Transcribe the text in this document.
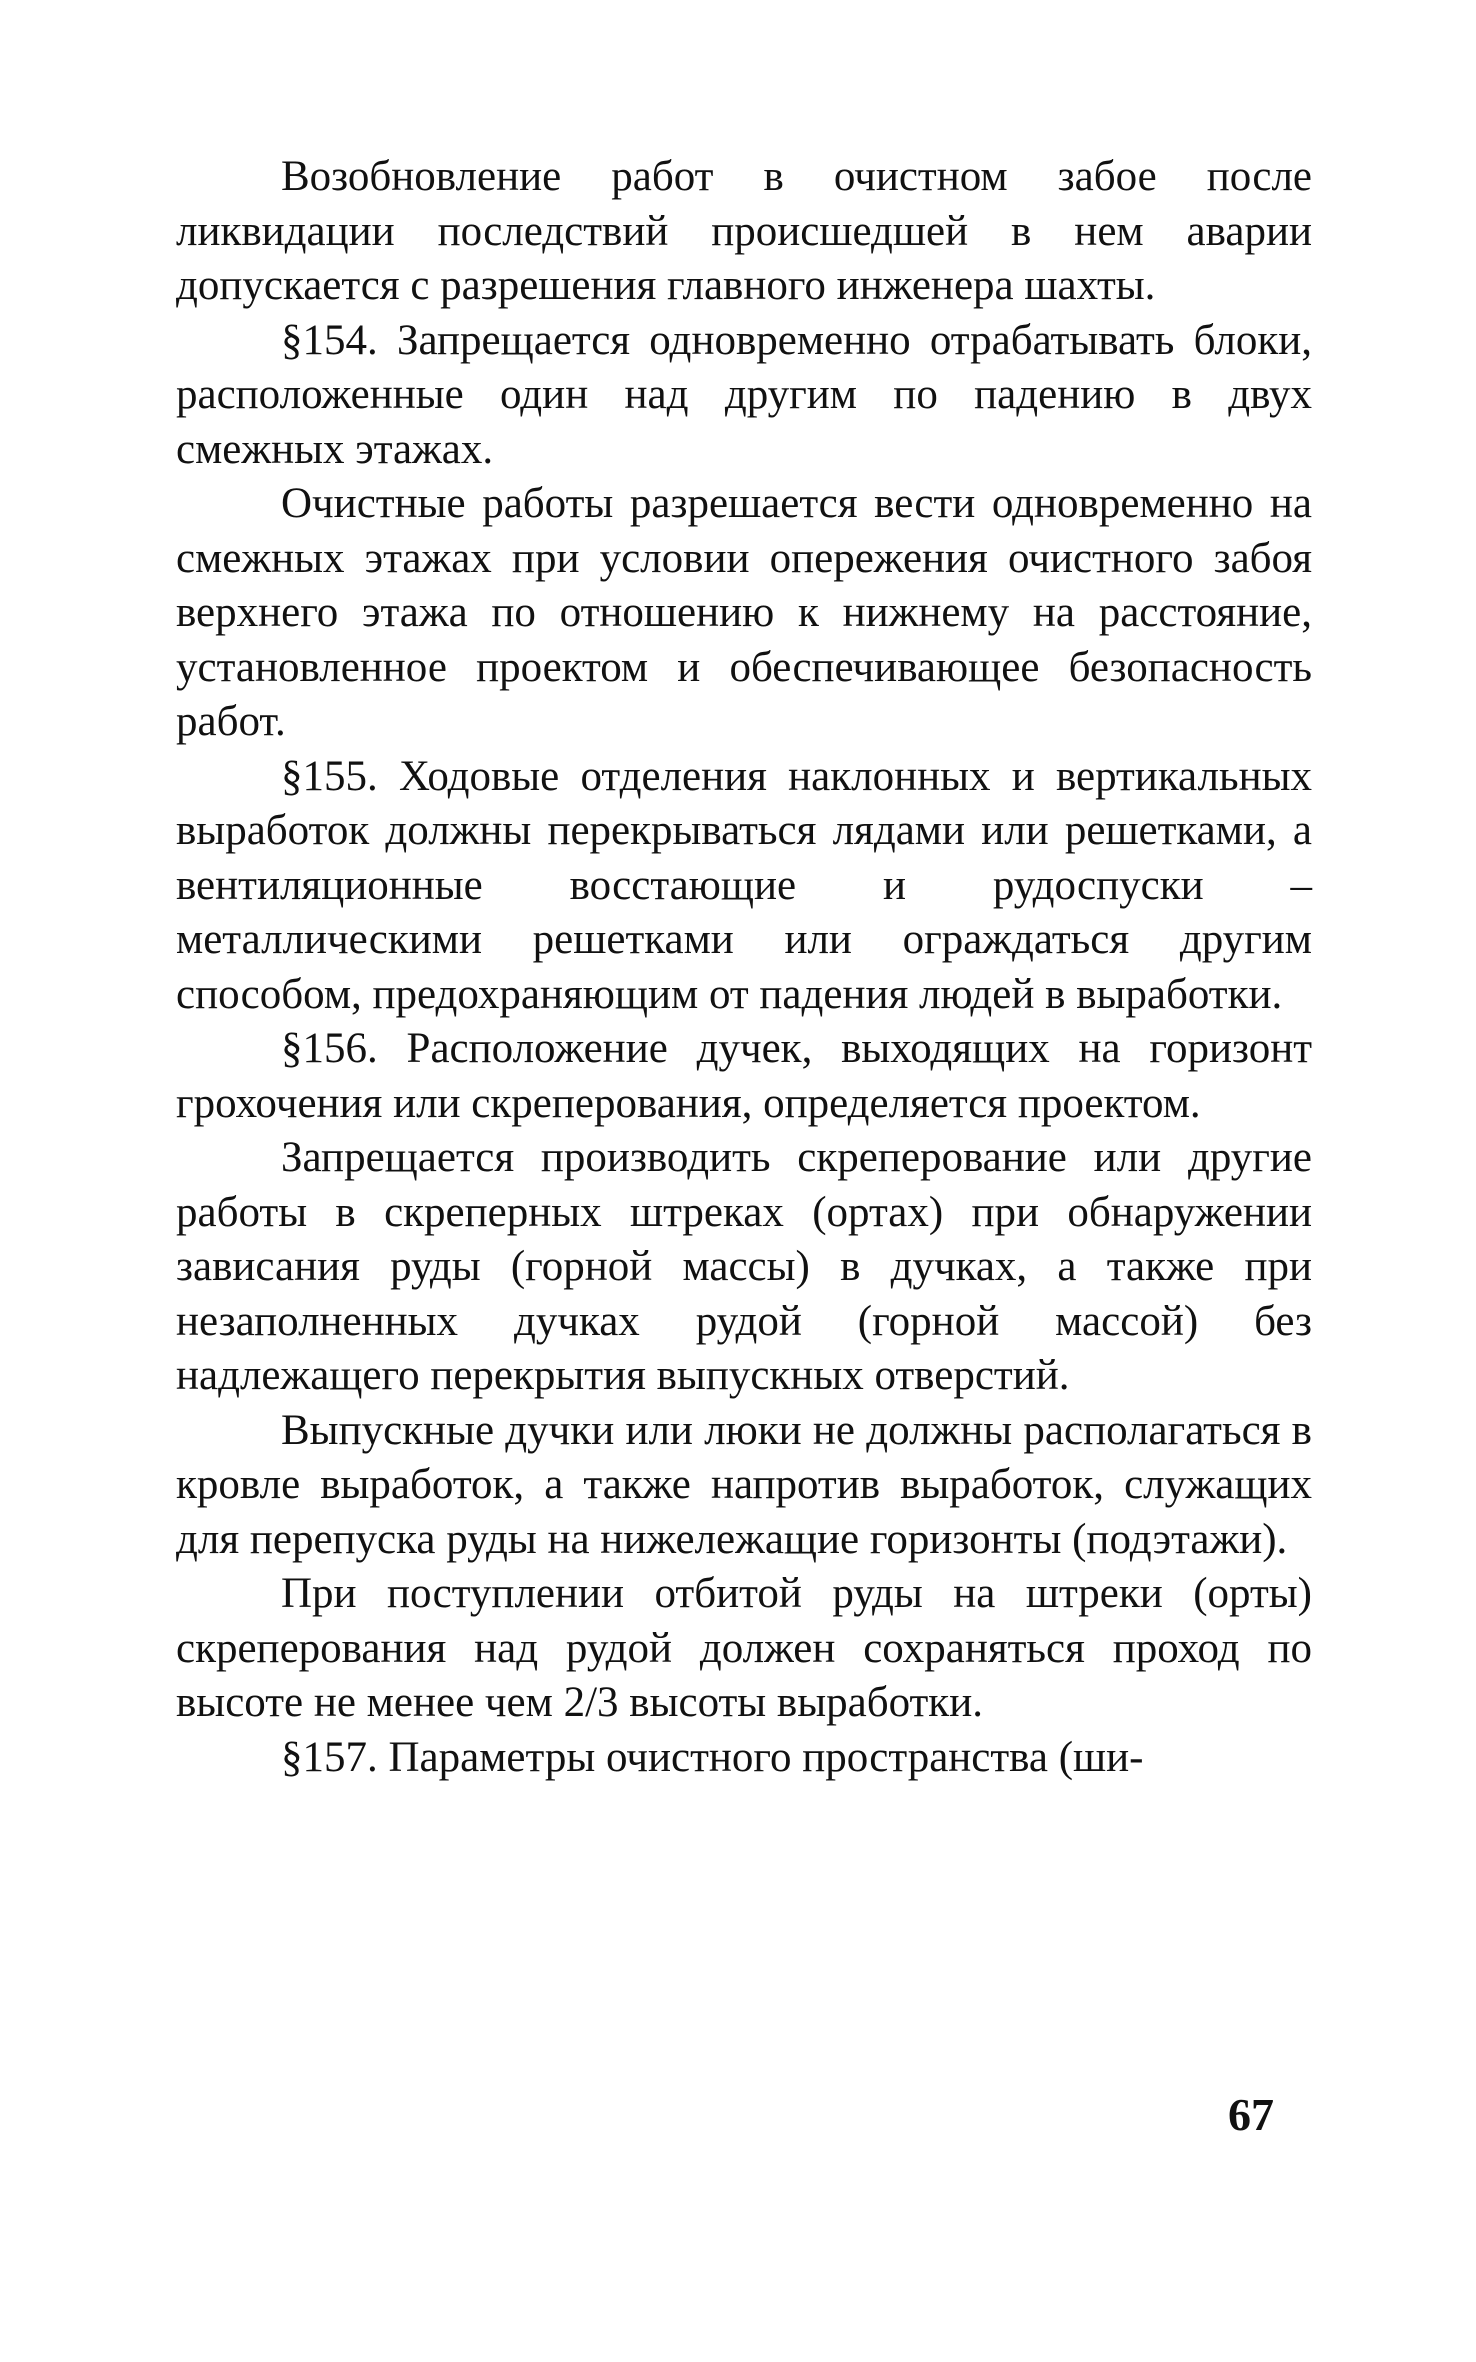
Возобновление работ в очистном забое после ликвидации последствий происшедшей в нем аварии допускается с разрешения главного инженера шахты.

§154. Запрещается одновременно отрабатывать блоки, расположенные один над другим по падению в двух смежных этажах.

Очистные работы разрешается вести одновременно на смежных этажах при условии опережения очистного забоя верхнего этажа по отношению к нижнему на расстояние, установленное проектом и обеспечивающее безопасность работ.

§155. Ходовые отделения наклонных и вертикальных выработок должны перекрываться лядами или решетками, а вентиляционные восстающие и рудоспуски – металлическими решетками или ограждаться другим способом, предохраняющим от падения людей в выработки.

§156. Расположение дучек, выходящих на горизонт грохочения или скреперования, определяется проектом.

Запрещается производить скреперование или другие работы в скреперных штреках (ортах) при обнаружении зависания руды (горной массы) в дучках, а также при незаполненных дучках рудой (горной массой) без надлежащего перекрытия выпускных отверстий.

Выпускные дучки или люки не должны располагаться в кровле выработок, а также напротив выработок, служащих для перепуска руды на нижележащие горизонты (подэтажи).

При поступлении отбитой руды на штреки (орты) скреперования над рудой должен сохраняться проход по высоте не менее чем 2/3 высоты выработки.

§157. Параметры очистного пространства (ши-

67
